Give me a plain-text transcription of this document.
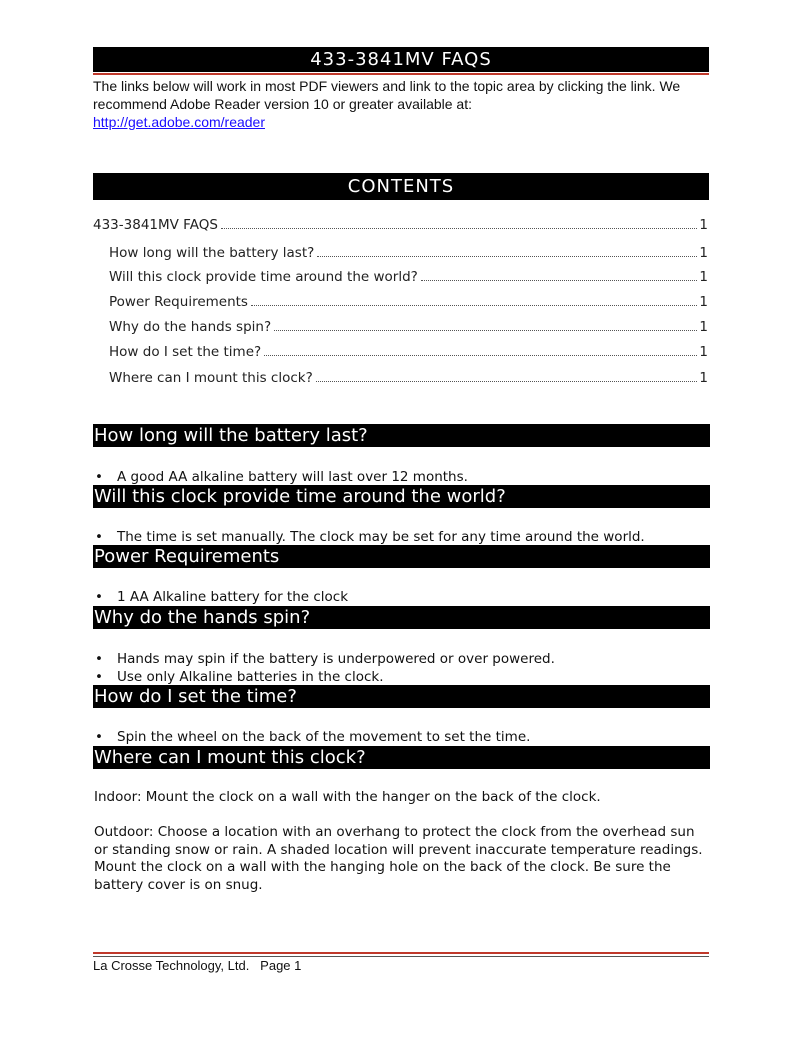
433-3841MV FAQS
The links below will work in most PDF viewers and link to the topic area by clicking the link. We recommend Adobe Reader version 10 or greater available at:
http://get.adobe.com/reader
CONTENTS
433-3841MV FAQS	1
How long will the battery last?	1
Will this clock provide time around the world?	1
Power Requirements	1
Why do the hands spin?	1
How do I set the time?	1
Where can I mount this clock?	1
How long will the battery last?
• A good AA alkaline battery will last over 12 months.
Will this clock provide time around the world?
• The time is set manually. The clock may be set for any time around the world.
Power Requirements
• 1 AA Alkaline battery for the clock
Why do the hands spin?
• Hands may spin if the battery is underpowered or over powered.
• Use only Alkaline batteries in the clock.
How do I set the time?
• Spin the wheel on the back of the movement to set the time.
Where can I mount this clock?
Indoor: Mount the clock on a wall with the hanger on the back of the clock.
Outdoor: Choose a location with an overhang to protect the clock from the overhead sun or standing snow or rain. A shaded location will prevent inaccurate temperature readings. Mount the clock on a wall with the hanging hole on the back of the clock. Be sure the battery cover is on snug.
La Crosse Technology, Ltd.   Page 1
